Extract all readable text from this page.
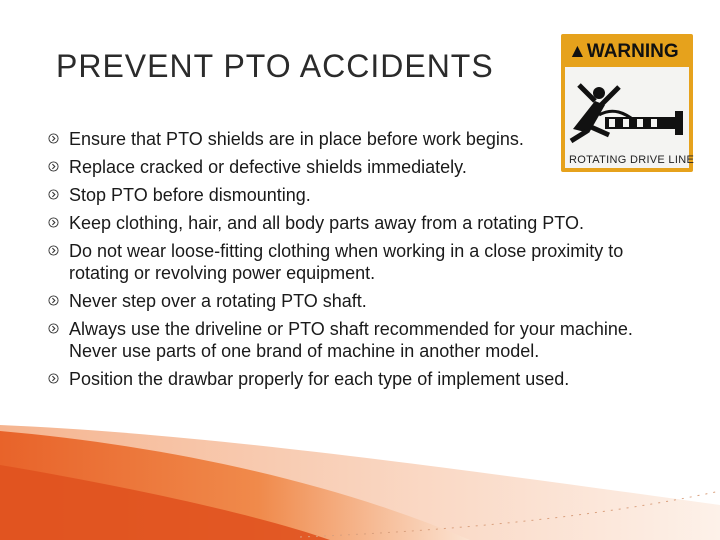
PREVENT PTO ACCIDENTS	▲WARNING
ROTATING DRIVE LINE
Ensure that PTO shields are in place before work begins.
Replace cracked or defective shields immediately.
Stop PTO before dismounting.
Keep clothing, hair, and all body parts away from a rotating PTO.
Do not wear loose-fitting clothing when working in a close proximity to rotating or revolving power equipment.
Never step over a rotating PTO shaft.
Always use the driveline or PTO shaft recommended for your machine. Never use parts of one brand of machine in another model.
Position the drawbar properly for each type of implement used.
